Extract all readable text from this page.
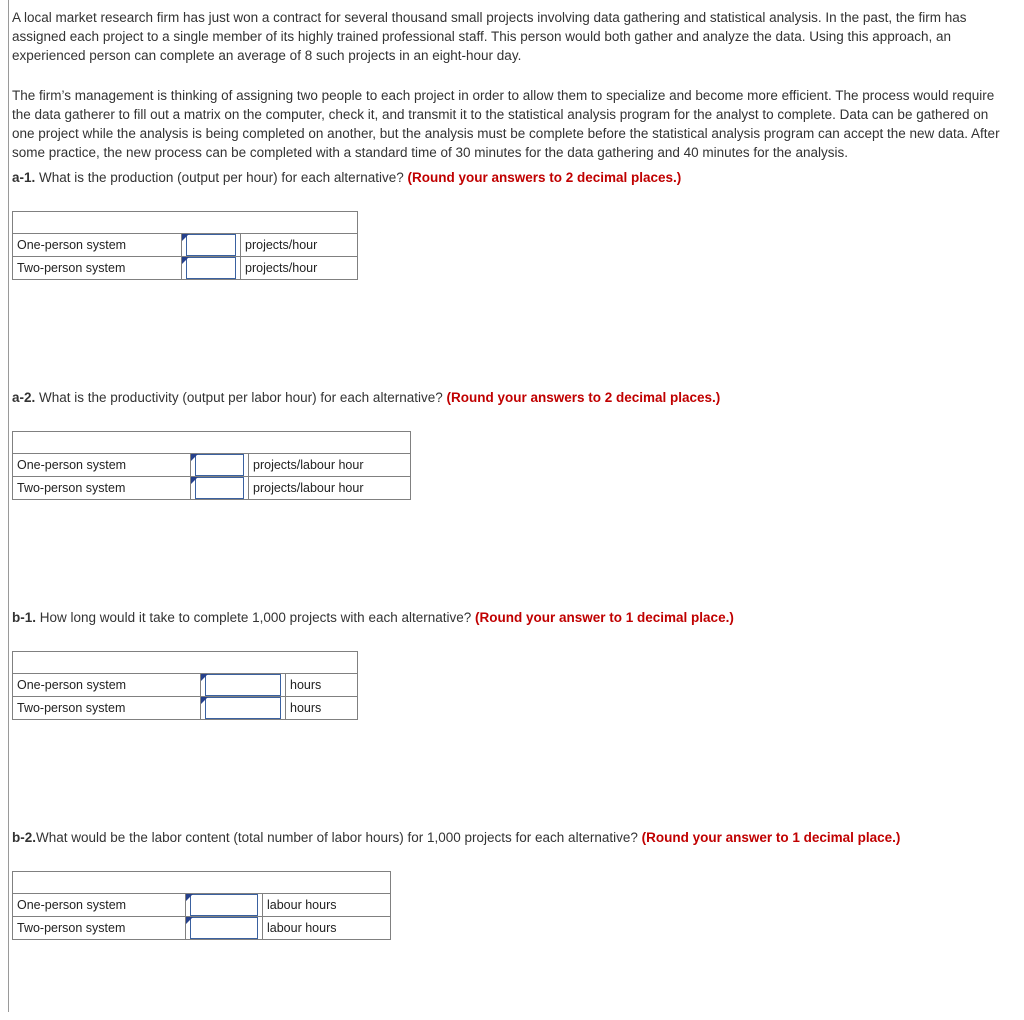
A local market research firm has just won a contract for several thousand small projects involving data gathering and statistical analysis. In the past, the firm has assigned each project to a single member of its highly trained professional staff. This person would both gather and analyze the data. Using this approach, an experienced person can complete an average of 8 such projects in an eight-hour day.

The firm’s management is thinking of assigning two people to each project in order to allow them to specialize and become more efficient. The process would require the data gatherer to fill out a matrix on the computer, check it, and transmit it to the statistical analysis program for the analyst to complete. Data can be gathered on one project while the analysis is being completed on another, but the analysis must be complete before the statistical analysis program can accept the new data. After some practice, the new process can be completed with a standard time of 30 minutes for the data gathering and 40 minutes for the analysis.

a-1. What is the production (output per hour) for each alternative? (Round your answers to 2 decimal places.)

One-person system		projects/hour
Two-person system		projects/hour

a-2. What is the productivity (output per labor hour) for each alternative? (Round your answers to 2 decimal places.)

One-person system		projects/labour hour
Two-person system		projects/labour hour

b-1. How long would it take to complete 1,000 projects with each alternative? (Round your answer to 1 decimal place.)

One-person system		hours
Two-person system		hours

b-2.What would be the labor content (total number of labor hours) for 1,000 projects for each alternative? (Round your answer to 1 decimal place.)

One-person system		labour hours
Two-person system		labour hours
